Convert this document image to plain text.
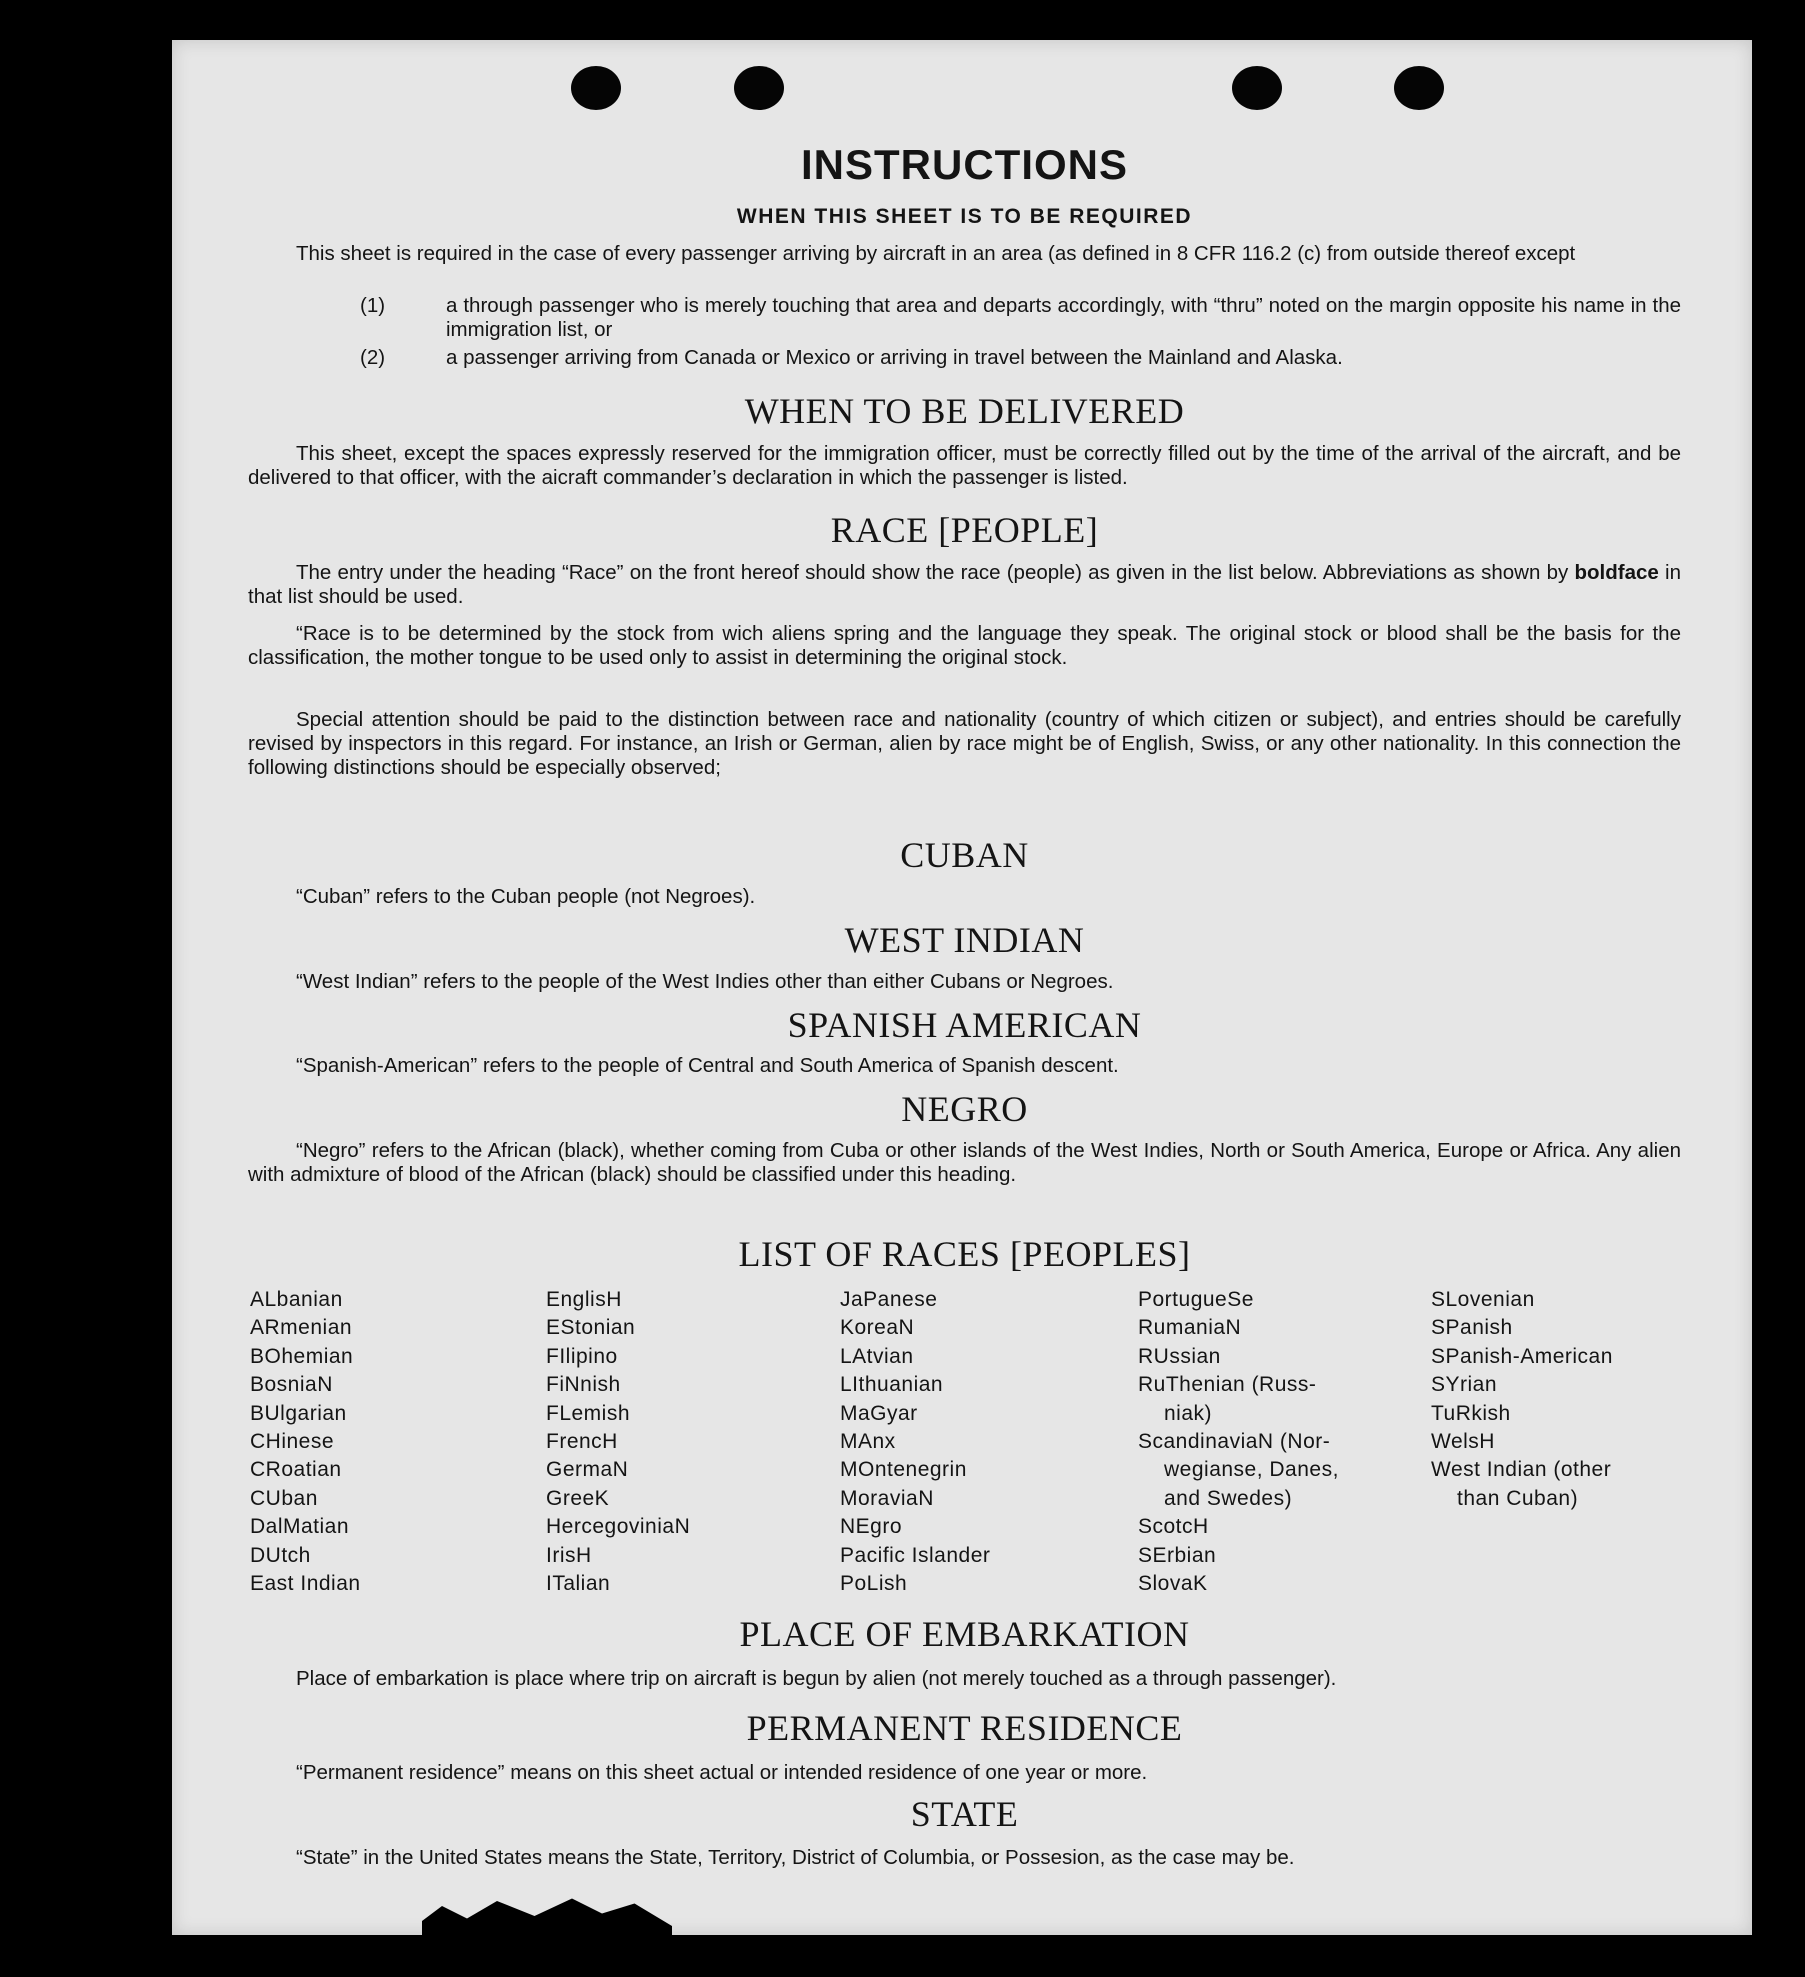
INSTRUCTIONS
WHEN THIS SHEET IS TO BE REQUIRED

This sheet is required in the case of every passenger arriving by aircraft in an area (as defined in 8 CFR 116.2 (c) from outside thereof except

(1)	a through passenger who is merely touching that area and departs accordingly, with “thru” noted on the margin opposite his name in the immigration list, or

(2)	a passenger arriving from Canada or Mexico or arriving in travel between the Mainland and Alaska.

WHEN TO BE DELIVERED

This sheet, except the spaces expressly reserved for the immigration officer, must be correctly filled out by the time of the arrival of the aircraft, and be delivered to that officer, with the aicraft commander’s declaration in which the passenger is listed.

RACE [PEOPLE]

The entry under the heading “Race” on the front hereof should show the race (people) as given in the list below. Abbreviations as shown by boldface in that list should be used.

“Race is to be determined by the stock from wich aliens spring and the language they speak. The original stock or blood shall be the basis for the classification, the mother tongue to be used only to assist in determining the original stock.

Special attention should be paid to the distinction between race and nationality (country of which citizen or subject), and entries should be carefully revised by inspectors in this regard. For instance, an Irish or German, alien by race might be of English, Swiss, or any other nationality. In this connection the following distinctions should be especially observed;

CUBAN

“Cuban” refers to the Cuban people (not Negroes).

WEST INDIAN

“West Indian” refers to the people of the West Indies other than either Cubans or Negroes.

SPANISH AMERICAN

“Spanish-American” refers to the people of Central and South America of Spanish descent.

NEGRO

“Negro” refers to the African (black), whether coming from Cuba or other islands of the West Indies, North or South America, Europe or Africa. Any alien with admixture of blood of the African (black) should be classified under this heading.

LIST OF RACES [PEOPLES]
ALbanian
ARmenian
BOhemian
BosniaN
BUlgarian
CHinese
CRoatian
CUban
DalMatian
DUtch
East Indian
EnglisH
EStonian
FIlipino
FiNnish
FLemish
FrencH
GermaN
GreeK
HercegoviniaN
IrisH
ITalian
JaPanese
KoreaN
LAtvian
LIthuanian
MaGyar
MAnx
MOntenegrin
MoraviaN
NEgro
Pacific Islander
PoLish
PortugueSe
RumaniaN
RUssian
RuThenian (Russ-
niak)
ScandinaviaN (Nor-
wegianse, Danes,
and Swedes)
ScotcH
SErbian
SlovaK
SLovenian
SPanish
SPanish-American
SYrian
TuRkish
WelsH
West Indian (other
than Cuban)
PLACE OF EMBARKATION

Place of embarkation is place where trip on aircraft is begun by alien (not merely touched as a through passenger).

PERMANENT RESIDENCE

“Permanent residence” means on this sheet actual or intended residence of one year or more.

STATE

“State” in the United States means the State, Territory, District of Columbia, or Possesion, as the case may be.
